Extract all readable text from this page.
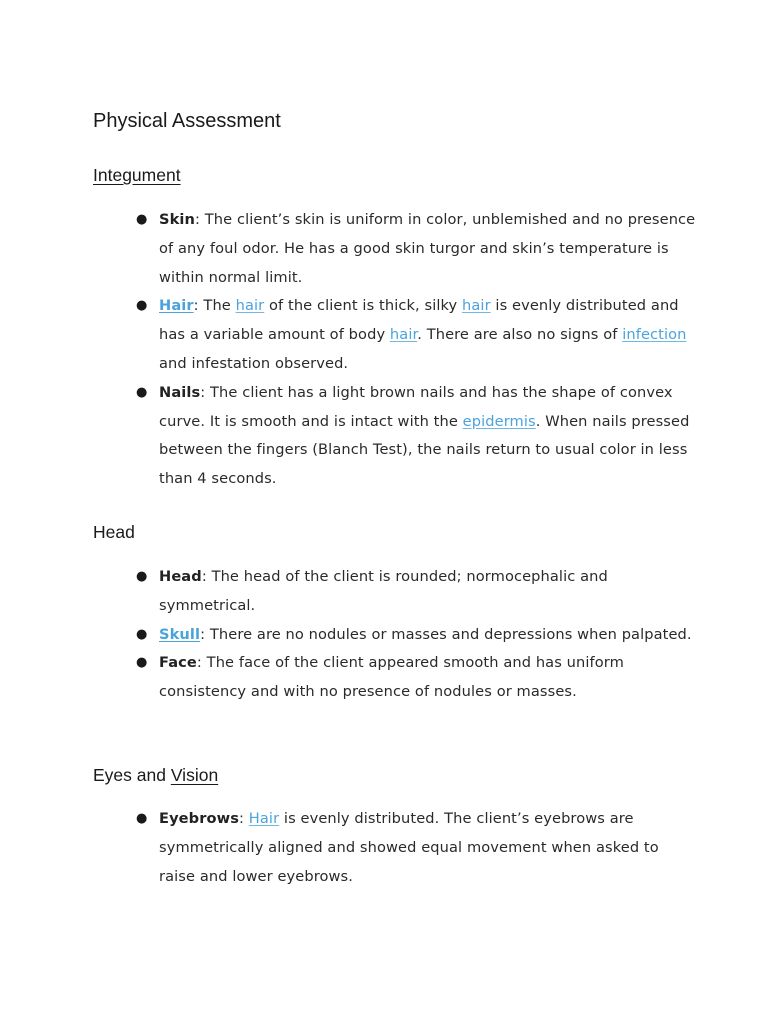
Physical Assessment
Integument
● Skin: The client’s skin is uniform in color, unblemished and no presence of any foul odor. He has a good skin turgor and skin’s temperature is within normal limit.
● Hair: The hair of the client is thick, silky hair is evenly distributed and has a variable amount of body hair. There are also no signs of infection and infestation observed.
● Nails: The client has a light brown nails and has the shape of convex curve. It is smooth and is intact with the epidermis. When nails pressed between the fingers (Blanch Test), the nails return to usual color in less than 4 seconds.
Head
● Head: The head of the client is rounded; normocephalic and symmetrical.
● Skull: There are no nodules or masses and depressions when palpated.
● Face: The face of the client appeared smooth and has uniform consistency and with no presence of nodules or masses.
Eyes and Vision
● Eyebrows: Hair is evenly distributed. The client’s eyebrows are symmetrically aligned and showed equal movement when asked to raise and lower eyebrows.
